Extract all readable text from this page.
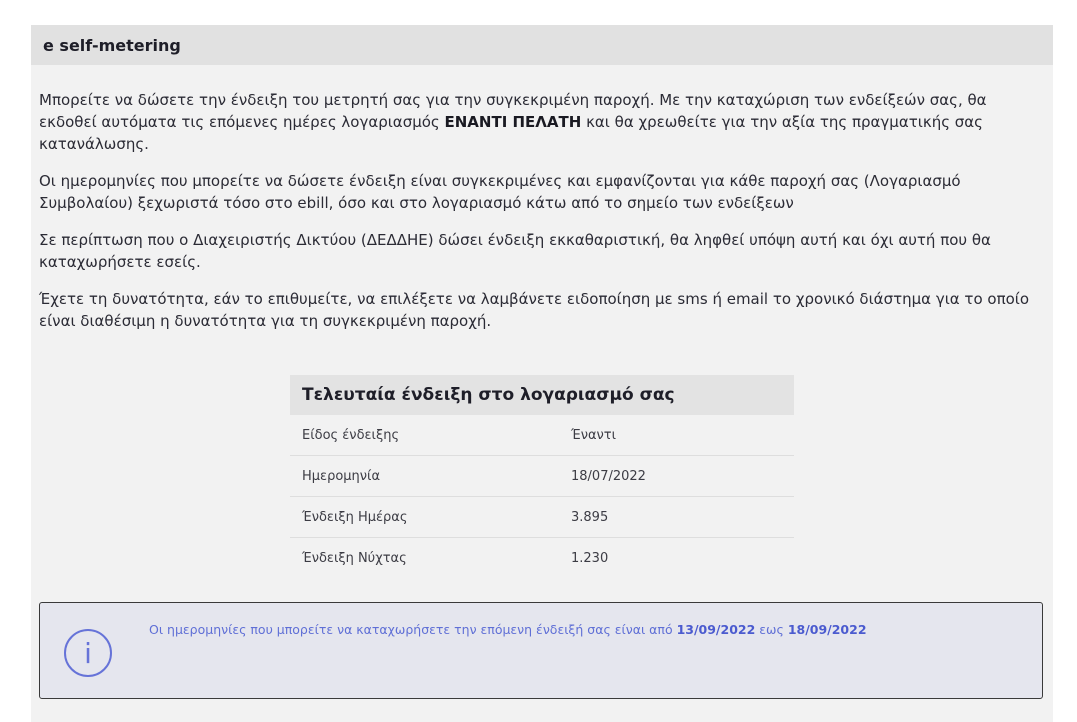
e self-metering

Μπορείτε να δώσετε την ένδειξη του μετρητή σας για την συγκεκριμένη παροχή. Με την καταχώριση των ενδείξεών σας, θα εκδοθεί αυτόματα τις επόμενες ημέρες λογαριασμός ΕΝΑΝΤΙ ΠΕΛΑΤΗ και θα χρεωθείτε για την αξία της πραγματικής σας κατανάλωσης.

Οι ημερομηνίες που μπορείτε να δώσετε ένδειξη είναι συγκεκριμένες και εμφανίζονται για κάθε παροχή σας (Λογαριασμό Συμβολαίου) ξεχωριστά τόσο στο ebill, όσο και στο λογαριασμό κάτω από το σημείο των ενδείξεων

Σε περίπτωση που ο Διαχειριστής Δικτύου (ΔΕΔΔΗΕ) δώσει ένδειξη εκκαθαριστική, θα ληφθεί υπόψη αυτή και όχι αυτή που θα καταχωρήσετε εσείς.

Έχετε τη δυνατότητα, εάν το επιθυμείτε, να επιλέξετε να λαμβάνετε ειδοποίηση με sms ή email το χρονικό διάστημα για το οποίο είναι διαθέσιμη η δυνατότητα για τη συγκεκριμένη παροχή.

Τελευταία ένδειξη στο λογαριασμό σας
Είδος ένδειξης	Έναντι
Ημερομηνία	18/07/2022
Ένδειξη Ημέρας	3.895
Ένδειξη Νύχτας	1.230
i
Οι ημερομηνίες που μπορείτε να καταχωρήσετε την επόμενη ένδειξή σας είναι από 13/09/2022 εως 18/09/2022
